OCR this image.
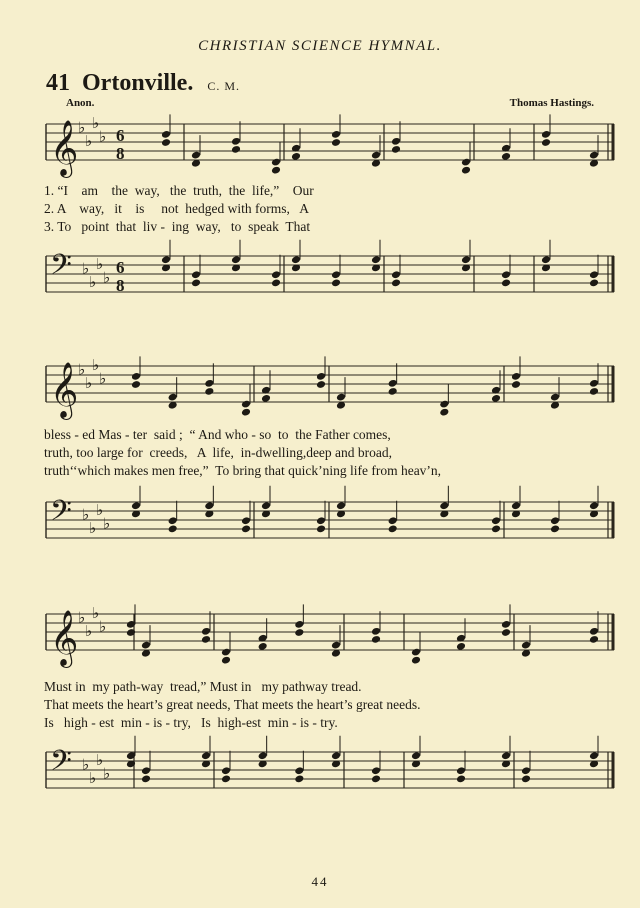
CHRISTIAN SCIENCE HYMNAL.
41 Ortonville. C. M.
Anon.	Thomas Hastings.
𝄞 ♭
♭
♭
♭ 6
8
1. “I    am    the  way,   the  truth,  the  life,”    Our
2. A    way,   it    is     not  hedged with forms,   A
3. To   point  that  liv -  ing  way,   to  speak  That
𝄢 ♭
♭
♭
♭
6
8
𝄞 ♭
♭
♭
♭
bless - ed Mas - ter  said ;  “ And who - so  to  the Father comes,
truth, too large for  creeds,   A  life,  in-dwelling,deep and broad,
truth‘‘which makes men free,”  To bring that quick’ning life from heav’n,
𝄢 ♭
♭
♭
♭
𝄞 ♭
♭
♭
♭
Must in  my path-way  tread,” Must in   my pathway tread.
That meets the heart’s great needs, That meets the heart’s great needs.
Is   high - est  min - is - try,   Is  high-est  min - is - try.
𝄢 ♭
♭
♭
♭
44
